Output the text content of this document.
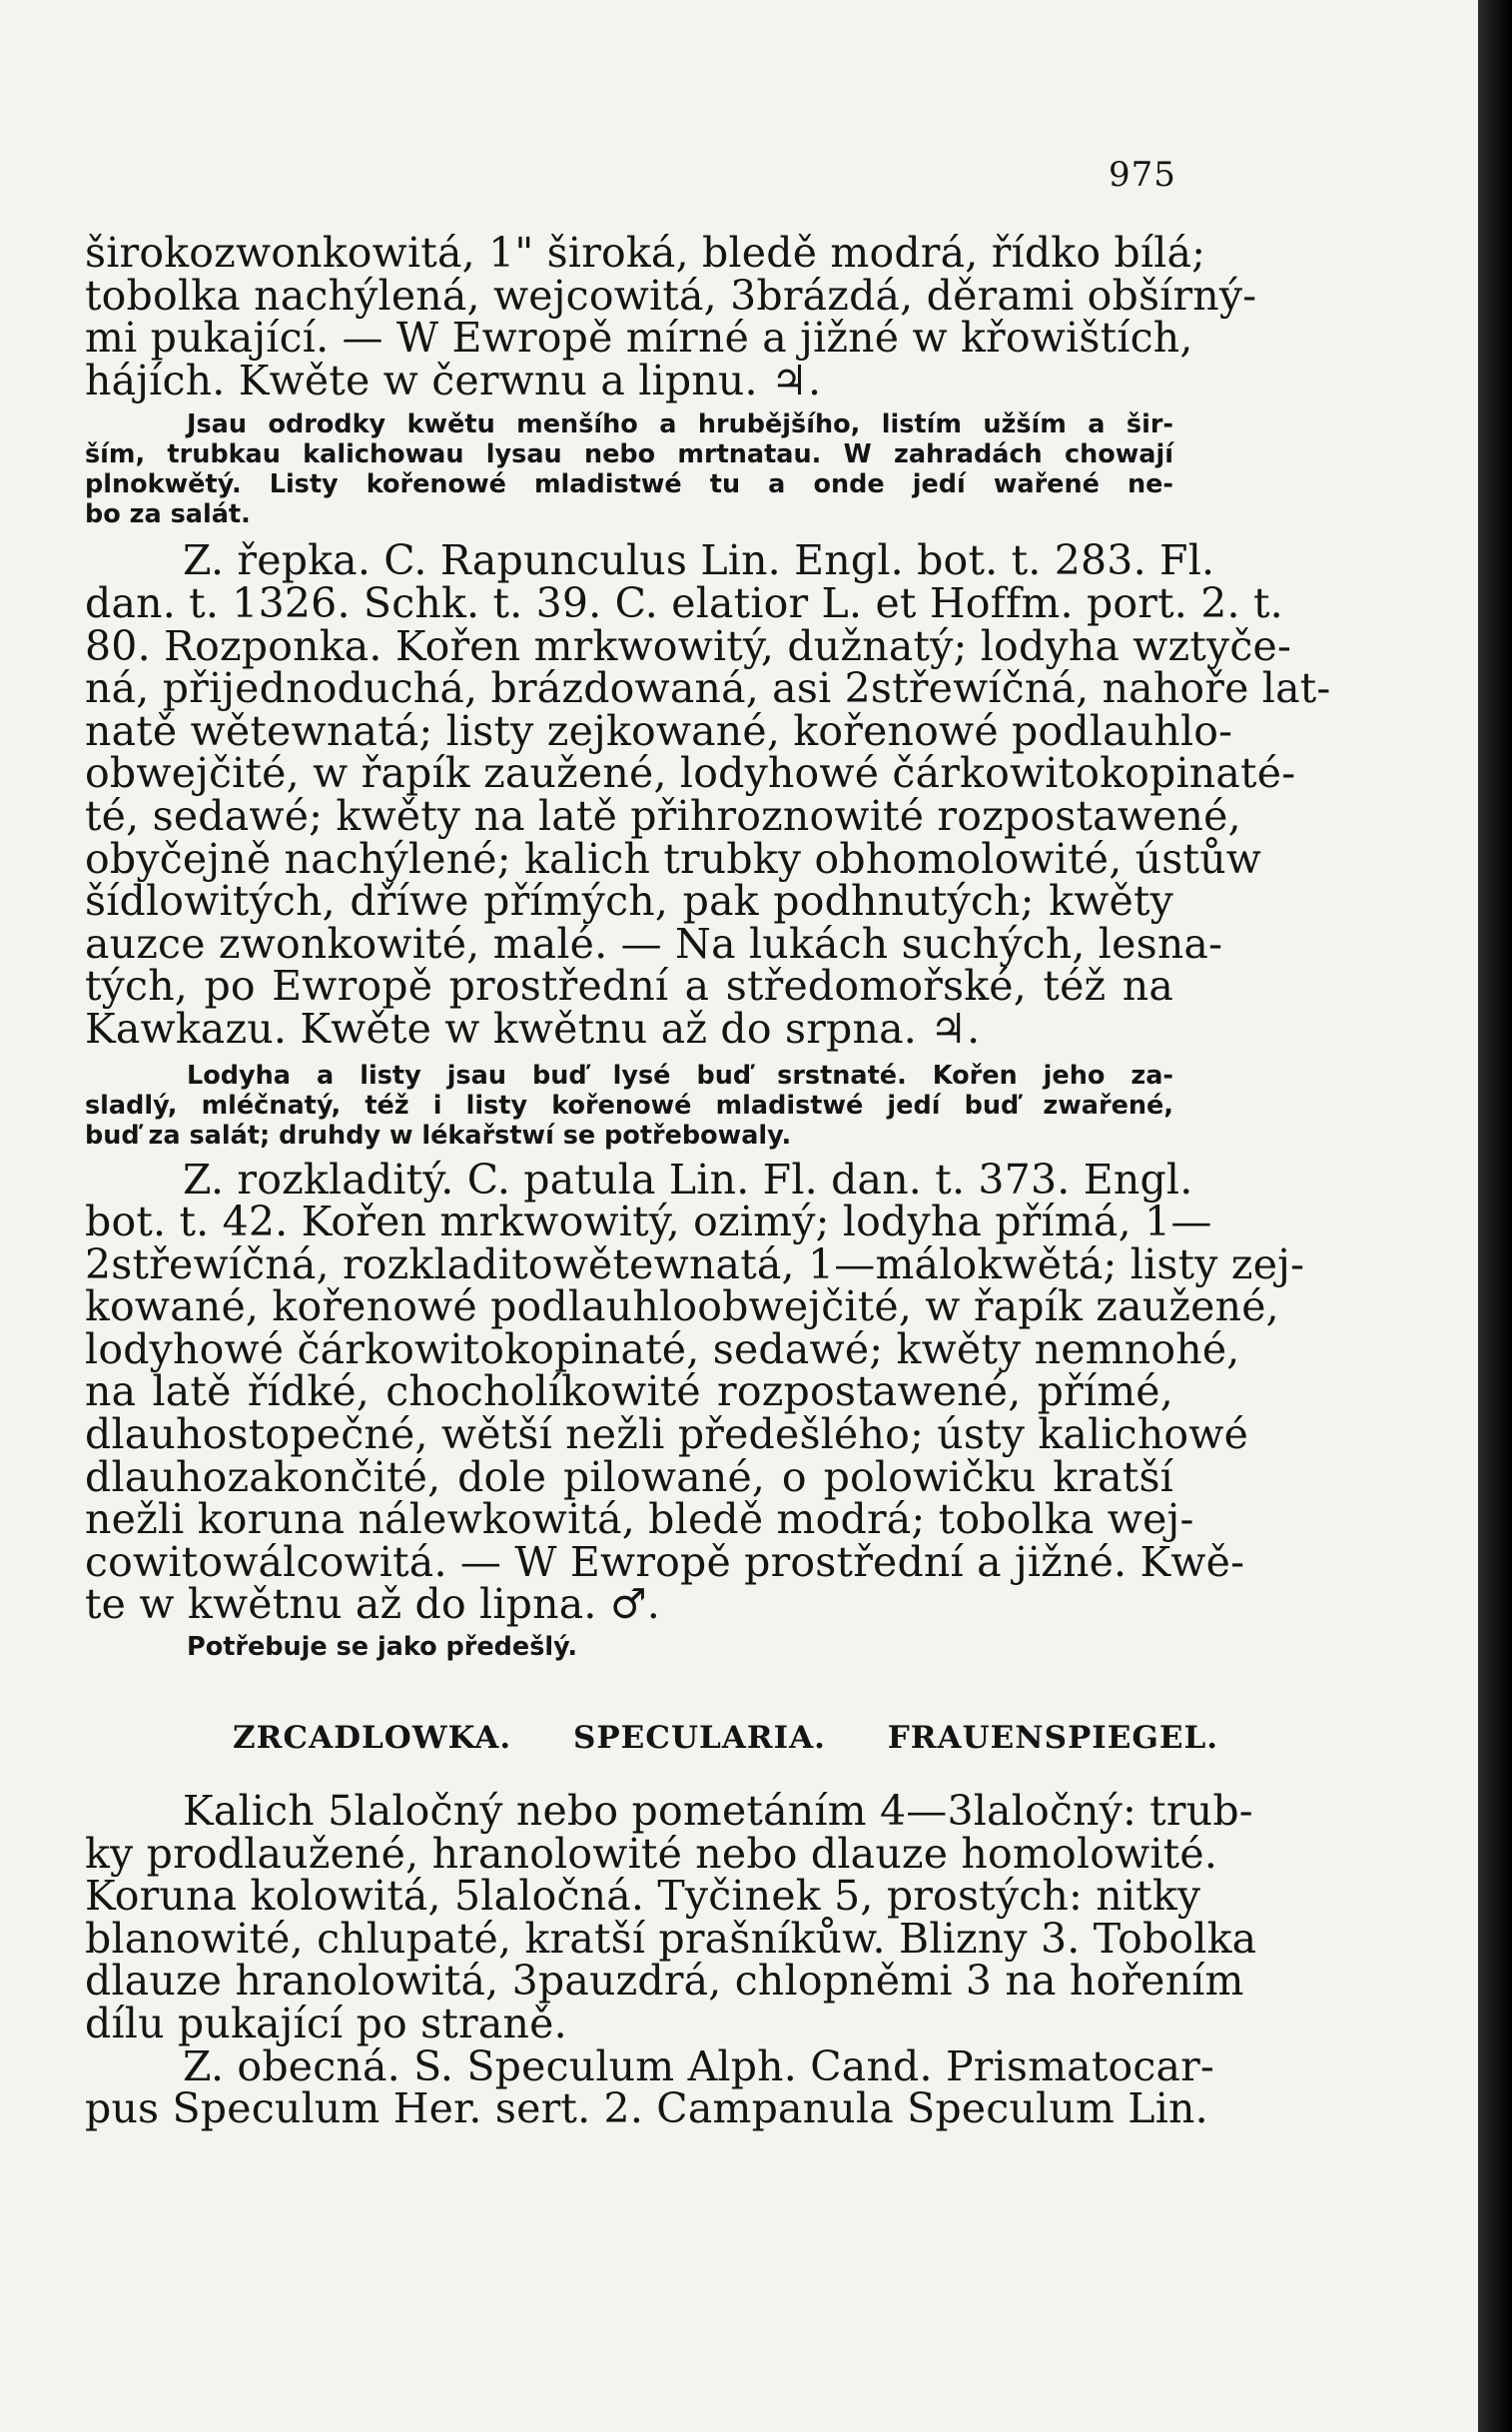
975
širokozwonkowitá, 1" široká, bledě modrá, řídko bílá;
tobolka nachýlená, wejcowitá, 3brázdá, děrami obšírný-
mi pukající. — W Ewropě mírné a jižné w křowištích,
hájích. Kwěte w čerwnu a lipnu. ♃.
Jsau odrodky kwětu menšího a hrubějšího, listím užším a šir-
ším, trubkau kalichowau lysau nebo mrtnatau. W zahradách chowají
plnokwětý. Listy kořenowé mladistwé tu a onde jedí wařené ne-
bo za salát.
Z. řepka. C. Rapunculus Lin. Engl. bot. t. 283. Fl.
dan. t. 1326. Schk. t. 39. C. elatior L. et Hoffm. port. 2. t.
80. Rozponka. Kořen mrkwowitý, dužnatý; lodyha wztyče-
ná, přijednoduchá, brázdowaná, asi 2střewíčná, nahoře lat-
natě wětewnatá; listy zejkowané, kořenowé podlauhlo-
obwejčité, w řapík zaužené, lodyhowé čárkowitokopinaté-
té, sedawé; kwěty na latě přihroznowité rozpostawené,
obyčejně nachýlené; kalich trubky obhomolowité, ústůw
šídlowitých, dříwe přímých, pak podhnutých; kwěty
auzce zwonkowité, malé. — Na lukách suchých, lesna-
tých, po Ewropě prostřední a středomořské, též na
Kawkazu. Kwěte w kwětnu až do srpna. ♃.
Lodyha a listy jsau buď lysé buď srstnaté. Kořen jeho za-
sladlý, mléčnatý, též i listy kořenowé mladistwé jedí buď zwařené,
buď za salát; druhdy w lékařstwí se potřebowaly.
Z. rozkladitý. C. patula Lin. Fl. dan. t. 373. Engl.
bot. t. 42. Kořen mrkwowitý, ozimý; lodyha přímá, 1—
2střewíčná, rozkladitowětewnatá, 1—málokwětá; listy zej-
kowané, kořenowé podlauhloobwejčité, w řapík zaužené,
lodyhowé čárkowitokopinaté, sedawé; kwěty nemnohé,
na latě řídké, chocholíkowité rozpostawené, přímé,
dlauhostopečné, wětší nežli předešlého; ústy kalichowé
dlauhozakončité, dole pilowané, o polowičku kratší
nežli koruna nálewkowitá, bledě modrá; tobolka wej-
cowitowálcowitá. — W Ewropě prostřední a jižné. Kwě-
te w kwětnu až do lipna. ♂.
Potřebuje se jako předešlý.
ZRCADLOWKA. SPECULARIA. FRAUENSPIEGEL.
Kalich 5laločný nebo pometáním 4—3laločný: trub-
ky prodlaužené, hranolowité nebo dlauze homolowité.
Koruna kolowitá, 5laločná. Tyčinek 5, prostých: nitky
blanowité, chlupaté, kratší prašníkůw. Blizny 3. Tobolka
dlauze hranolowitá, 3pauzdrá, chlopněmi 3 na hořením
dílu pukající po straně.
Z. obecná. S. Speculum Alph. Cand. Prismatocar-
pus Speculum Her. sert. 2. Campanula Speculum Lin.
